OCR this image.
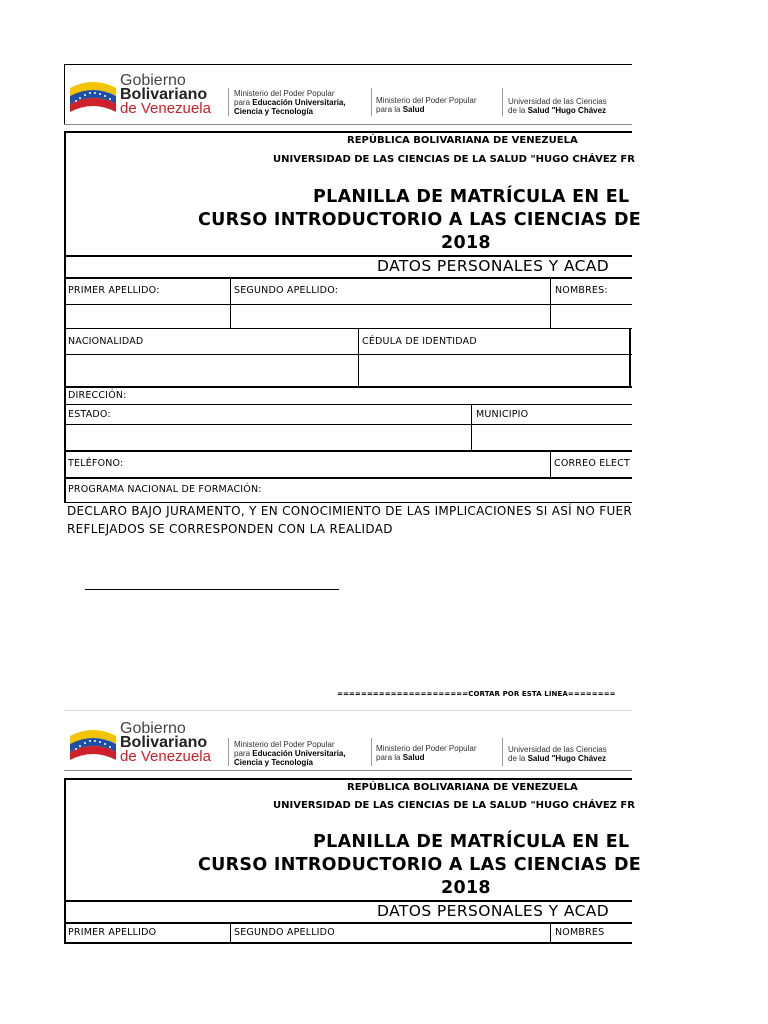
Gobierno
Bolivariano
de Venezuela
Ministerio del Poder Popular
para Educación Universitaria,
Ciencia y Tecnología
Ministerio del Poder Popular
para la Salud
Universidad de las Ciencias
de la Salud "Hugo Chávez
REPÚBLICA BOLIVARIANA DE VENEZUELA
UNIVERSIDAD DE LAS CIENCIAS DE LA SALUD "HUGO CHÁVEZ FR
PLANILLA DE MATRÍCULA EN EL
CURSO INTRODUCTORIO A LAS CIENCIAS DE
2018
DATOS PERSONALES Y ACAD
PRIMER APELLIDO:	SEGUNDO APELLIDO:	NOMBRES:
NACIONALIDAD	CÉDULA DE IDENTIDAD
DIRECCIÓN:
ESTADO:	MUNICIPIO
TELÉFONO:	CORREO ELECT
PROGRAMA NACIONAL DE FORMACIÓN:
DECLARO BAJO JURAMENTO, Y EN CONOCIMIENTO DE LAS IMPLICACIONES SI ASÍ NO FUER
REFLEJADOS SE CORRESPONDEN CON LA REALIDAD
======================CORTAR POR ESTA LINEA========
Gobierno
Bolivariano
de Venezuela
Ministerio del Poder Popular
para Educación Universitaria,
Ciencia y Tecnología
Ministerio del Poder Popular
para la Salud
Universidad de las Ciencias
de la Salud "Hugo Chávez
REPÚBLICA BOLIVARIANA DE VENEZUELA
UNIVERSIDAD DE LAS CIENCIAS DE LA SALUD "HUGO CHÁVEZ FR
PLANILLA DE MATRÍCULA EN EL
CURSO INTRODUCTORIO A LAS CIENCIAS DE
2018
DATOS PERSONALES Y ACAD
PRIMER APELLIDO	SEGUNDO APELLIDO	NOMBRES
